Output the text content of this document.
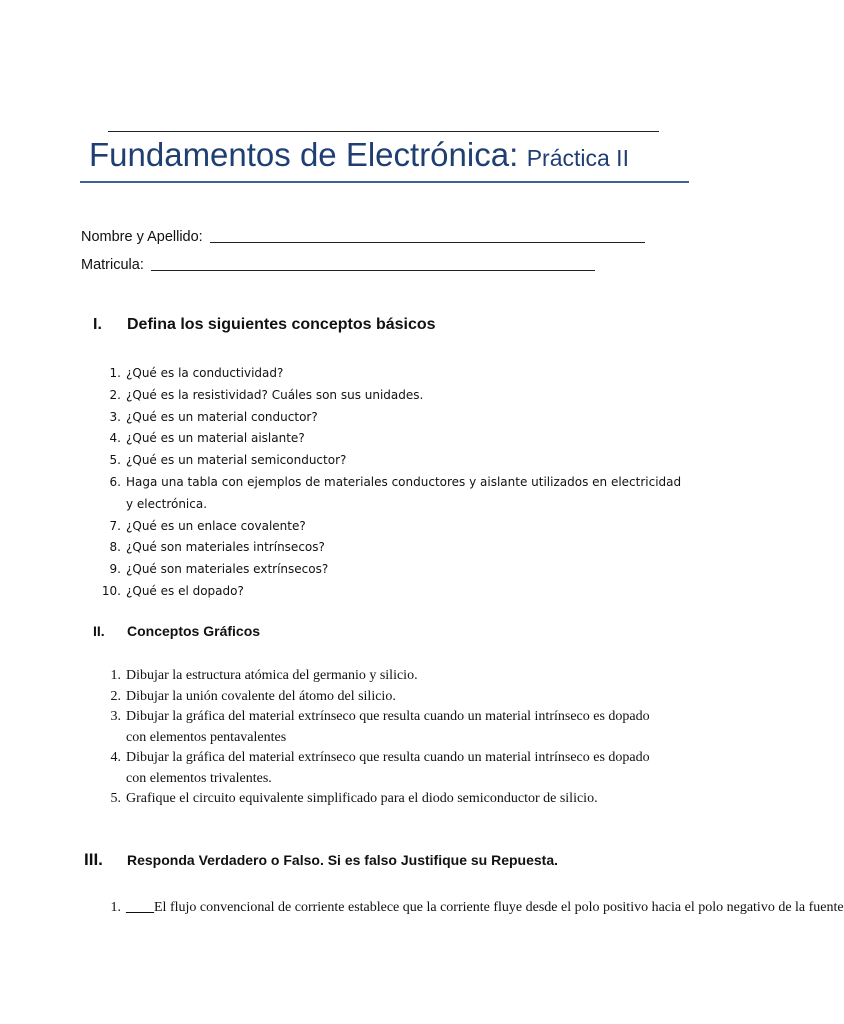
Fundamentos de Electrónica: Práctica II
Nombre y Apellido:
Matricula:
I. Defina los siguientes conceptos básicos
1. ¿Qué es la conductividad?
2. ¿Qué es la resistividad? Cuáles son sus unidades.
3. ¿Qué es un material conductor?
4. ¿Qué es un material aislante?
5. ¿Qué es un material semiconductor?
6. Haga una tabla con ejemplos de materiales conductores y aislante utilizados en electricidad y electrónica.
7. ¿Qué es un enlace covalente?
8. ¿Qué son materiales intrínsecos?
9. ¿Qué son materiales extrínsecos?
10. ¿Qué es el dopado?
II. Conceptos Gráficos
1. Dibujar la estructura atómica del germanio y silicio.
2. Dibujar la unión covalente del átomo del silicio.
3. Dibujar la gráfica del material extrínseco que resulta cuando un material intrínseco es dopado con elementos pentavalentes
4. Dibujar la gráfica del material extrínseco que resulta cuando un material intrínseco es dopado con elementos trivalentes.
5. Grafique el circuito equivalente simplificado para el diodo semiconductor de silicio.
III. Responda Verdadero o Falso. Si es falso Justifique su Repuesta.
1. ____El flujo convencional de corriente establece que la corriente fluye desde el polo positivo hacia el polo negativo de la fuente
